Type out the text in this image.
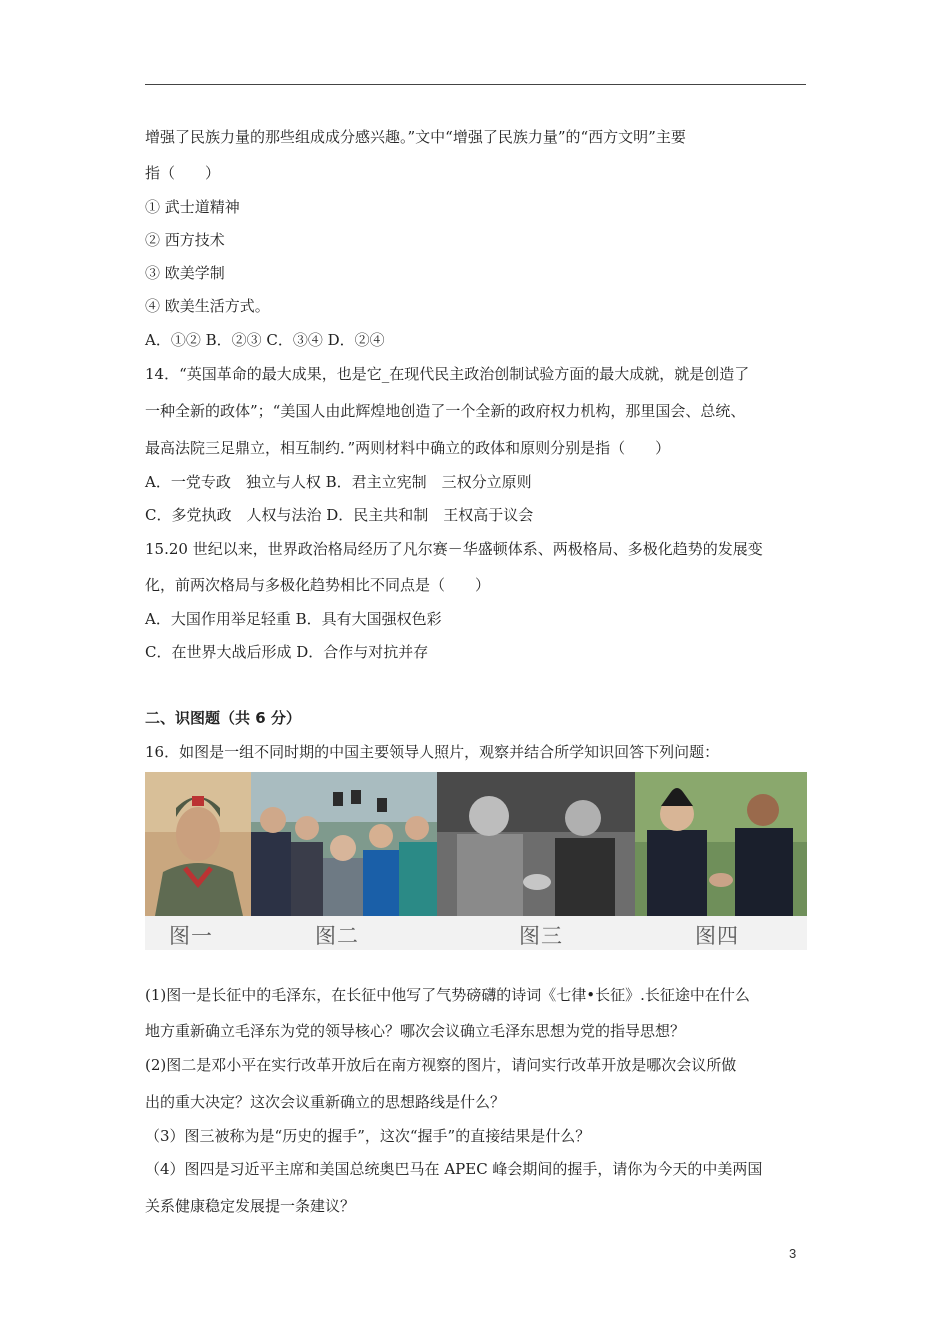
增强了民族力量的那些组成成分感兴趣。”文中“增强了民族力量”的“西方文明”主要
指（　　）
① 武士道精神
② 西方技术
③ 欧美学制
④ 欧美生活方式。
A．①② B．②③ C．③④ D．②④
14．“英国革命的最大成果，也是它_在现代民主政治创制试验方面的最大成就，就是创造了
一种全新的政体”；“美国人由此辉煌地创造了一个全新的政府权力机构，那里国会、总统、
最高法院三足鼎立，相互制约．”两则材料中确立的政体和原则分别是指（　　）
A．一党专政　独立与人权 B．君主立宪制　三权分立原则
C．多党执政　人权与法治 D．民主共和制　王权高于议会
15.20 世纪以来，世界政治格局经历了凡尔赛－华盛顿体系、两极格局、多极化趋势的发展变
化，前两次格局与多极化趋势相比不同点是（　　）
A．大国作用举足轻重 B．具有大国强权色彩
C．在世界大战后形成 D．合作与对抗并存
二、识图题（共 6 分）
16．如图是一组不同时期的中国主要领导人照片，观察并结合所学知识回答下列问题：
图一	图二	图三	图四
(1)图一是长征中的毛泽东，在长征中他写了气势磅礴的诗词《七律•长征》.长征途中在什么
地方重新确立毛泽东为党的领导核心？哪次会议确立毛泽东思想为党的指导思想？
(2)图二是邓小平在实行改革开放后在南方视察的图片，请问实行改革开放是哪次会议所做
出的重大决定？这次会议重新确立的思想路线是什么？
（3）图三被称为是“历史的握手”，这次“握手”的直接结果是什么？
（4）图四是习近平主席和美国总统奥巴马在 APEC 峰会期间的握手，请你为今天的中美两国
关系健康稳定发展提一条建议？
3
